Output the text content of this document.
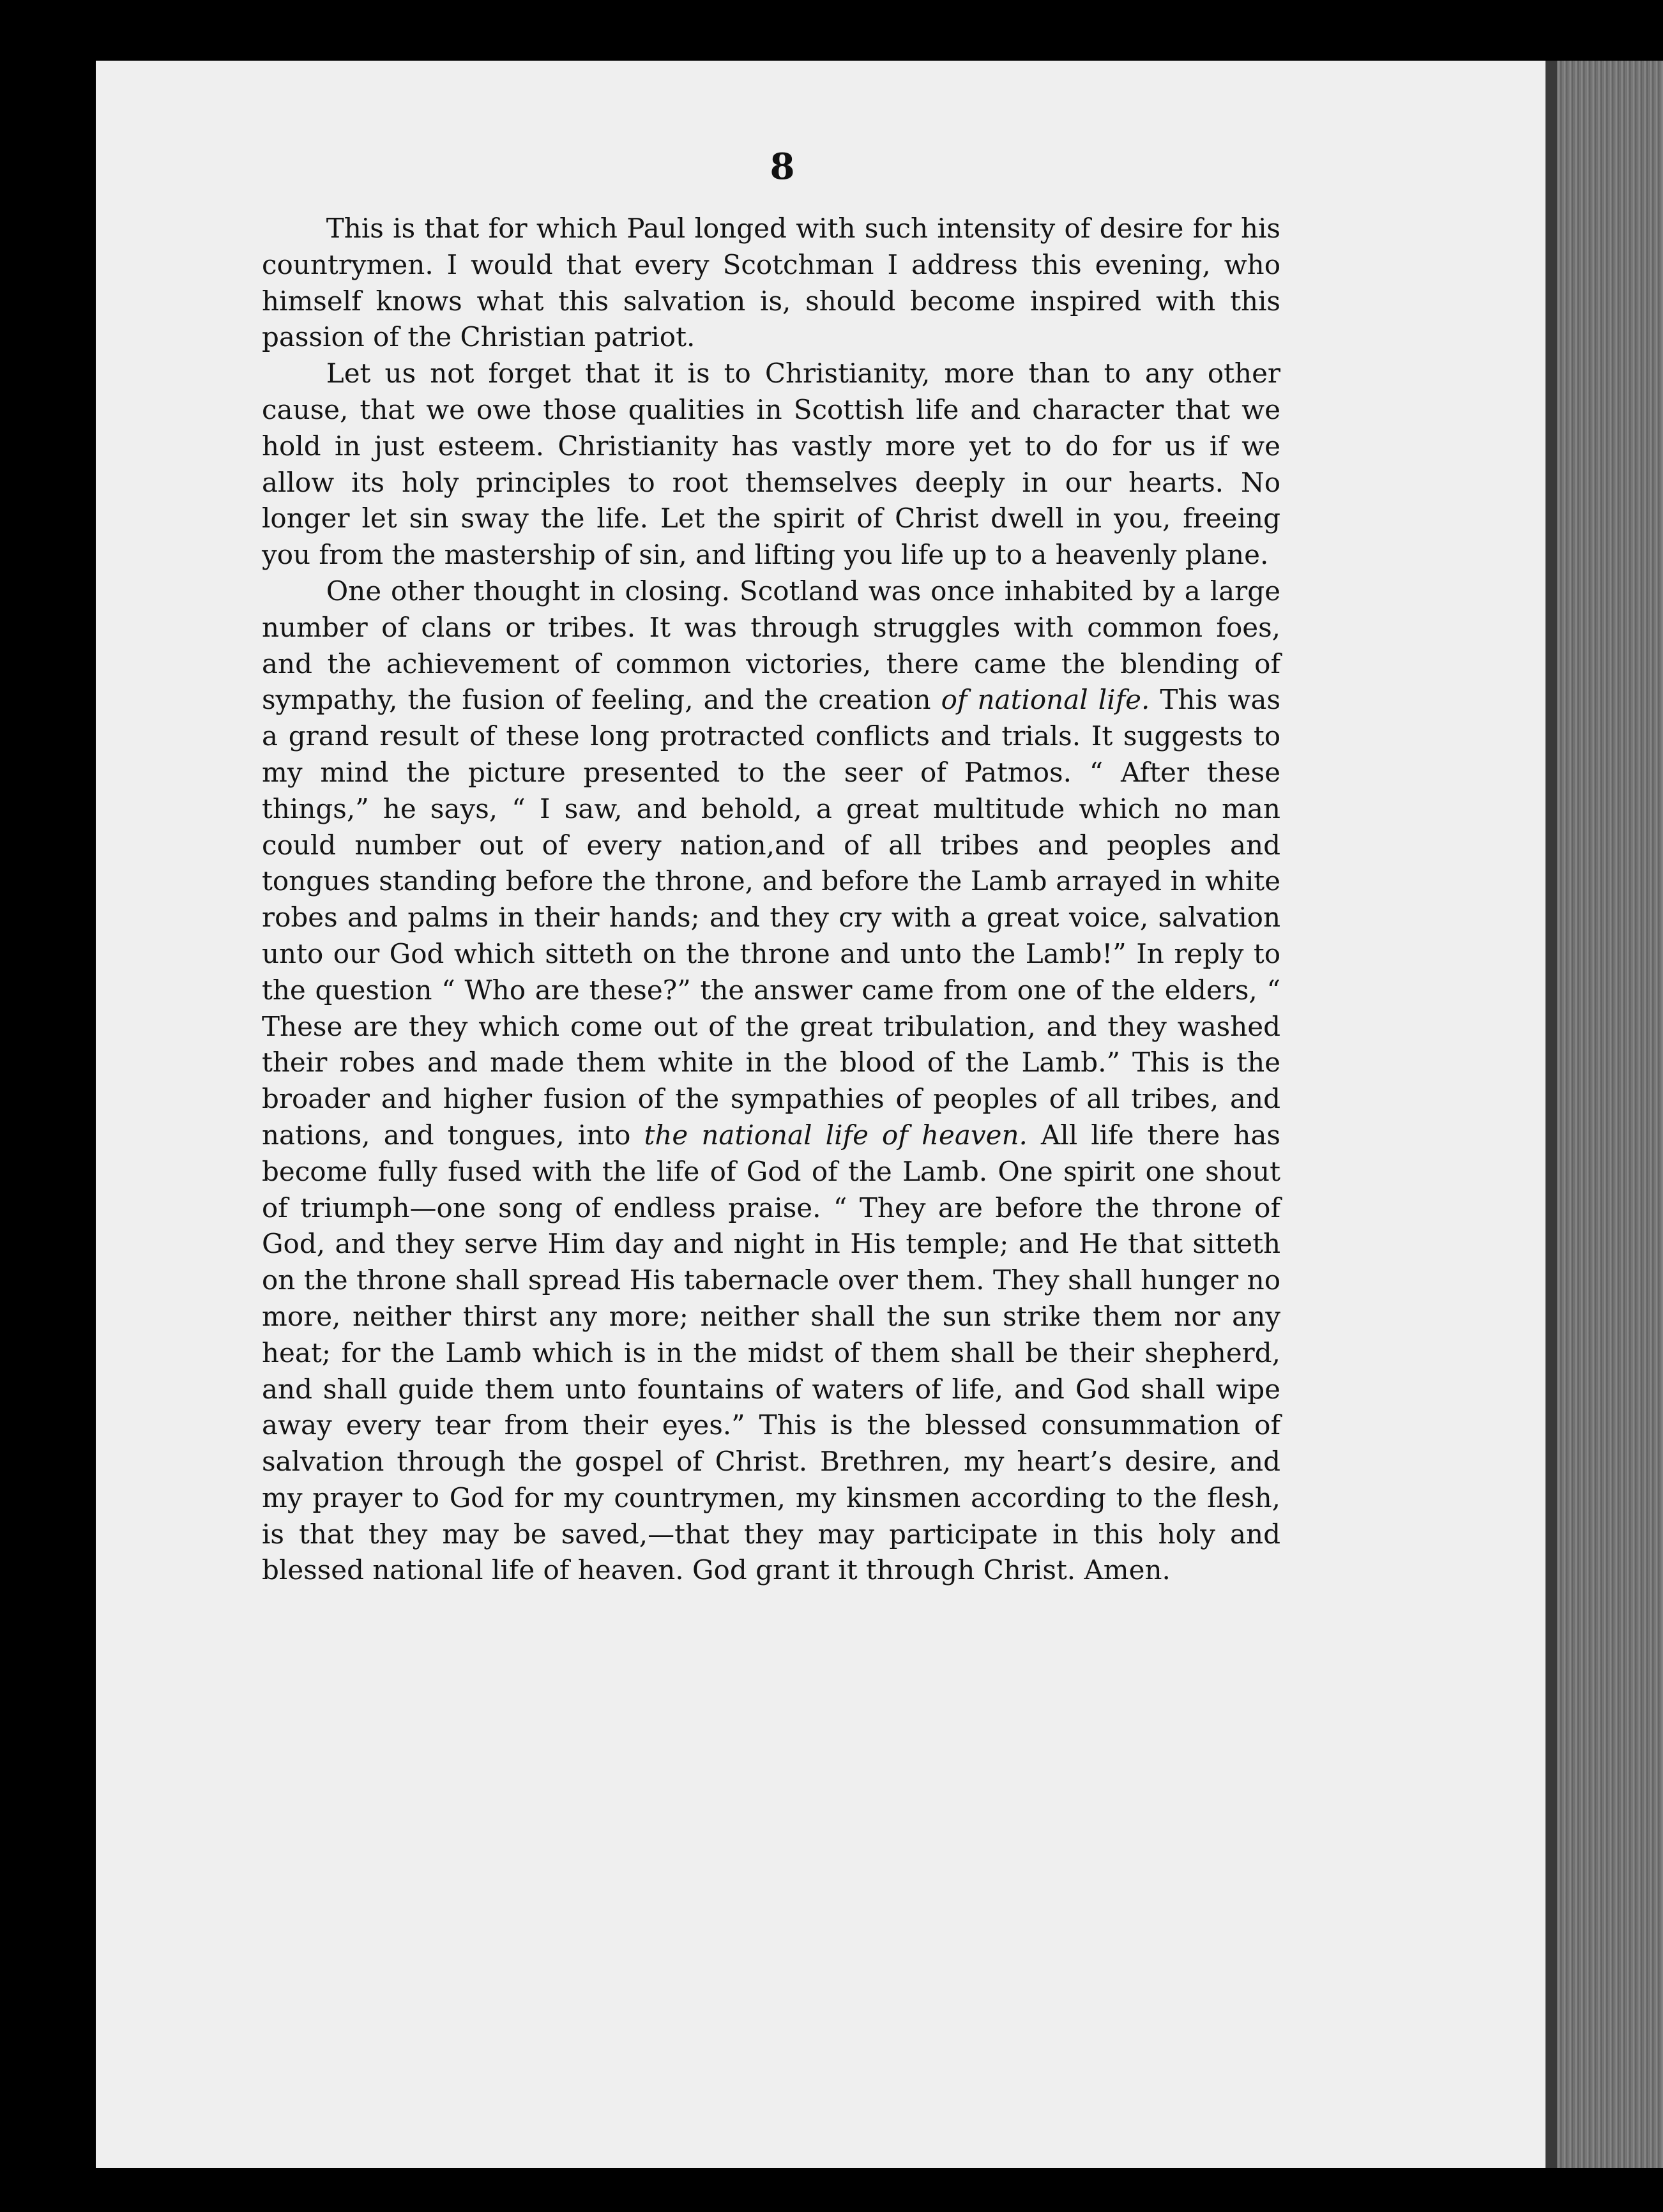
8

This is that for which Paul longed with such intensity of desire for his countrymen. I would that every Scotchman I address this evening, who himself knows what this salvation is, should become inspired with this passion of the Christian patriot.

Let us not forget that it is to Christianity, more than to any other cause, that we owe those qualities in Scottish life and character that we hold in just esteem. Christianity has vastly more yet to do for us if we allow its holy principles to root themselves deeply in our hearts. No longer let sin sway the life. Let the spirit of Christ dwell in you, freeing you from the mastership of sin, and lifting you life up to a heavenly plane.

One other thought in closing. Scotland was once inhabited by a large number of clans or tribes. It was through struggles with common foes, and the achievement of common victories, there came the blending of sympathy, the fusion of feeling, and the creation of national life. This was a grand result of these long protracted conflicts and trials. It suggests to my mind the picture presented to the seer of Patmos. “ After these things,” he says, “ I saw, and behold, a great multitude which no man could number out of every nation,and of all tribes and peoples and tongues standing before the throne, and before the Lamb arrayed in white robes and palms in their hands; and they cry with a great voice, salvation unto our God which sitteth on the throne and unto the Lamb!” In reply to the question “ Who are these?” the answer came from one of the elders, “ These are they which come out of the great tribulation, and they washed their robes and made them white in the blood of the Lamb.” This is the broader and higher fusion of the sympathies of peoples of all tribes, and nations, and tongues, into the national life of heaven. All life there has become fully fused with the life of God of the Lamb. One spirit one shout of triumph—one song of endless praise. “ They are before the throne of God, and they serve Him day and night in His temple; and He that sitteth on the throne shall spread His tabernacle over them. They shall hunger no more, neither thirst any more; neither shall the sun strike them nor any heat; for the Lamb which is in the midst of them shall be their shepherd, and shall guide them unto fountains of waters of life, and God shall wipe away every tear from their eyes.” This is the blessed consummation of salvation through the gospel of Christ. Brethren, my heart’s desire, and my prayer to God for my countrymen, my kinsmen according to the flesh, is that they may be saved,—that they may participate in this holy and blessed national life of heaven. God grant it through Christ. Amen.
